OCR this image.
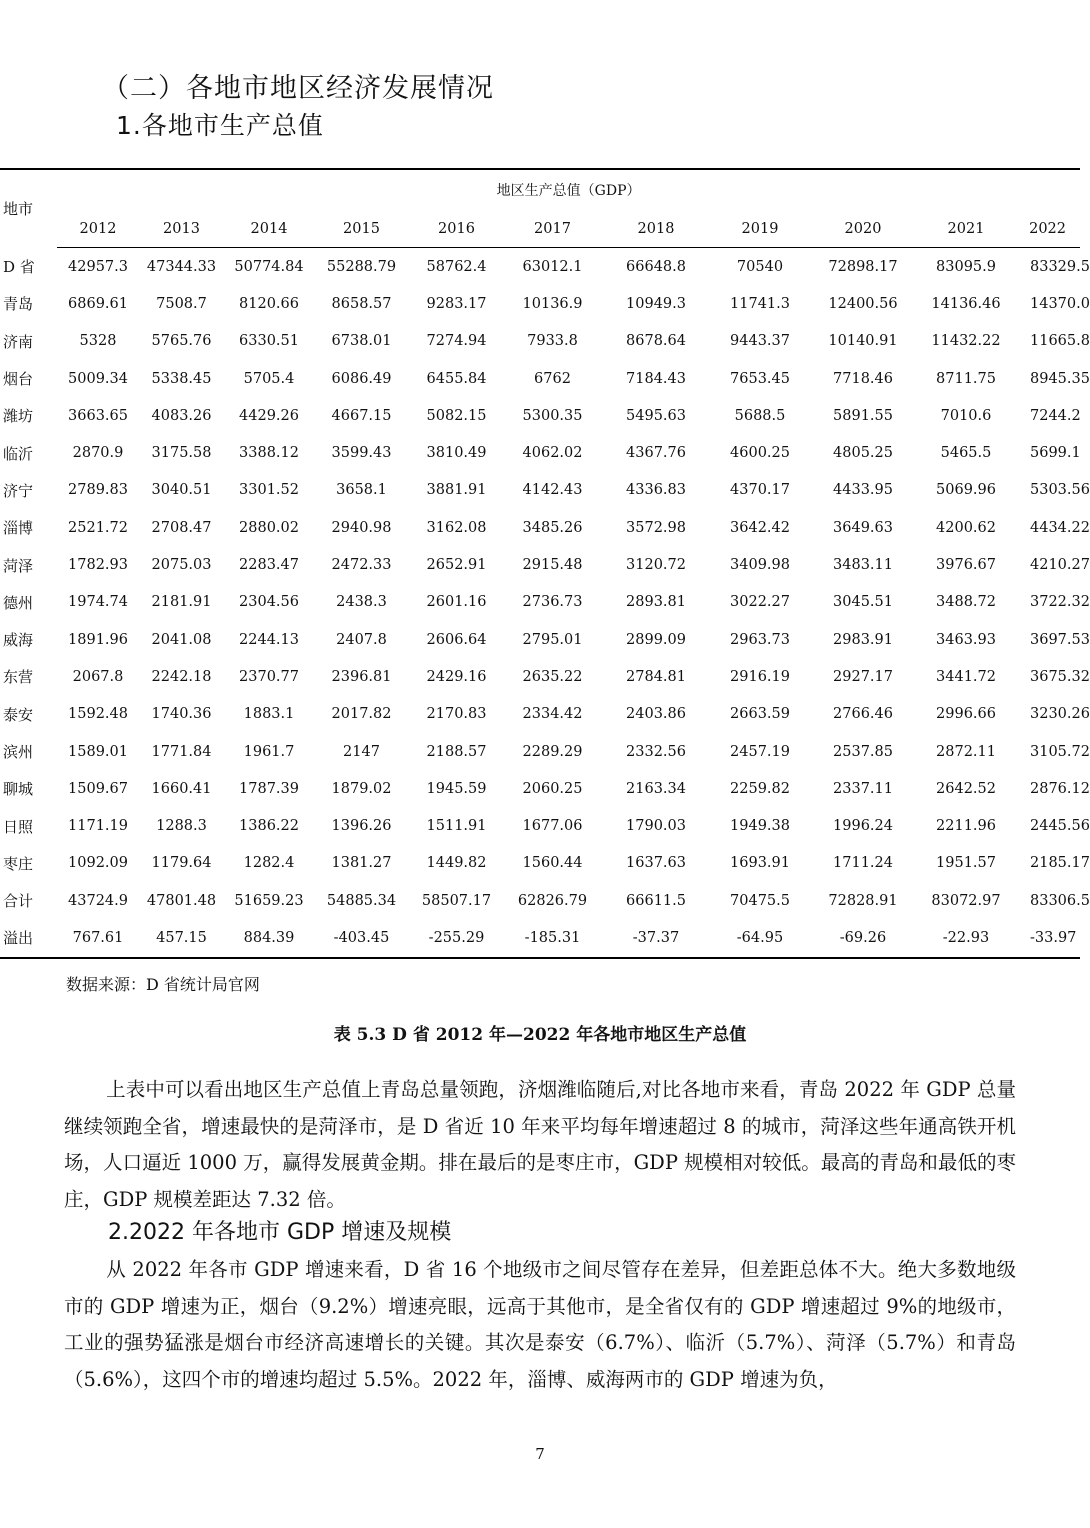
（二）各地市地区经济发展情况
1.各地市生产总值
地市	地区生产总值（GDP）										
	2012	2013	2014	2015	2016	2017	2018	2019	2020	2021	2022
D 省	42957.3	47344.33	50774.84	55288.79	58762.4	63012.1	66648.8	70540	72898.17	83095.9	83329.5
青岛	6869.61	7508.7	8120.66	8658.57	9283.17	10136.9	10949.3	11741.3	12400.56	14136.46	14370.0
济南	5328	5765.76	6330.51	6738.01	7274.94	7933.8	8678.64	9443.37	10140.91	11432.22	11665.8
烟台	5009.34	5338.45	5705.4	6086.49	6455.84	6762	7184.43	7653.45	7718.46	8711.75	8945.35
潍坊	3663.65	4083.26	4429.26	4667.15	5082.15	5300.35	5495.63	5688.5	5891.55	7010.6	7244.2
临沂	2870.9	3175.58	3388.12	3599.43	3810.49	4062.02	4367.76	4600.25	4805.25	5465.5	5699.1
济宁	2789.83	3040.51	3301.52	3658.1	3881.91	4142.43	4336.83	4370.17	4433.95	5069.96	5303.56
淄博	2521.72	2708.47	2880.02	2940.98	3162.08	3485.26	3572.98	3642.42	3649.63	4200.62	4434.22
菏泽	1782.93	2075.03	2283.47	2472.33	2652.91	2915.48	3120.72	3409.98	3483.11	3976.67	4210.27
德州	1974.74	2181.91	2304.56	2438.3	2601.16	2736.73	2893.81	3022.27	3045.51	3488.72	3722.32
威海	1891.96	2041.08	2244.13	2407.8	2606.64	2795.01	2899.09	2963.73	2983.91	3463.93	3697.53
东营	2067.8	2242.18	2370.77	2396.81	2429.16	2635.22	2784.81	2916.19	2927.17	3441.72	3675.32
泰安	1592.48	1740.36	1883.1	2017.82	2170.83	2334.42	2403.86	2663.59	2766.46	2996.66	3230.26
滨州	1589.01	1771.84	1961.7	2147	2188.57	2289.29	2332.56	2457.19	2537.85	2872.11	3105.72
聊城	1509.67	1660.41	1787.39	1879.02	1945.59	2060.25	2163.34	2259.82	2337.11	2642.52	2876.12
日照	1171.19	1288.3	1386.22	1396.26	1511.91	1677.06	1790.03	1949.38	1996.24	2211.96	2445.56
枣庄	1092.09	1179.64	1282.4	1381.27	1449.82	1560.44	1637.63	1693.91	1711.24	1951.57	2185.17
合计	43724.9	47801.48	51659.23	54885.34	58507.17	62826.79	66611.5	70475.5	72828.91	83072.97	83306.5
溢出	767.61	457.15	884.39	-403.45	-255.29	-185.31	-37.37	-64.95	-69.26	-22.93	-33.97
数据来源：D 省统计局官网
表 5.3 D 省 2012 年—2022 年各地市地区生产总值

上表中可以看出地区生产总值上青岛总量领跑，济烟潍临随后,对比各地市来看，青岛 2022 年 GDP 总量继续领跑全省，增速最快的是菏泽市，是 D 省近 10 年来平均每年增速超过 8 的城市，菏泽这些年通高铁开机场，人口逼近 1000 万，赢得发展黄金期。排在最后的是枣庄市，GDP 规模相对较低。最高的青岛和最低的枣庄，GDP 规模差距达 7.32 倍。

2.2022 年各地市 GDP 增速及规模

从 2022 年各市 GDP 增速来看，D 省 16 个地级市之间尽管存在差异，但差距总体不大。绝大多数地级市的 GDP 增速为正，烟台（9.2%）增速亮眼，远高于其他市，是全省仅有的 GDP 增速超过 9%的地级市，工业的强势猛涨是烟台市经济高速增长的关键。其次是泰安（6.7%）、临沂（5.7%）、菏泽（5.7%）和青岛（5.6%），这四个市的增速均超过 5.5%。2022 年，淄博、威海两市的 GDP 增速为负，

7
